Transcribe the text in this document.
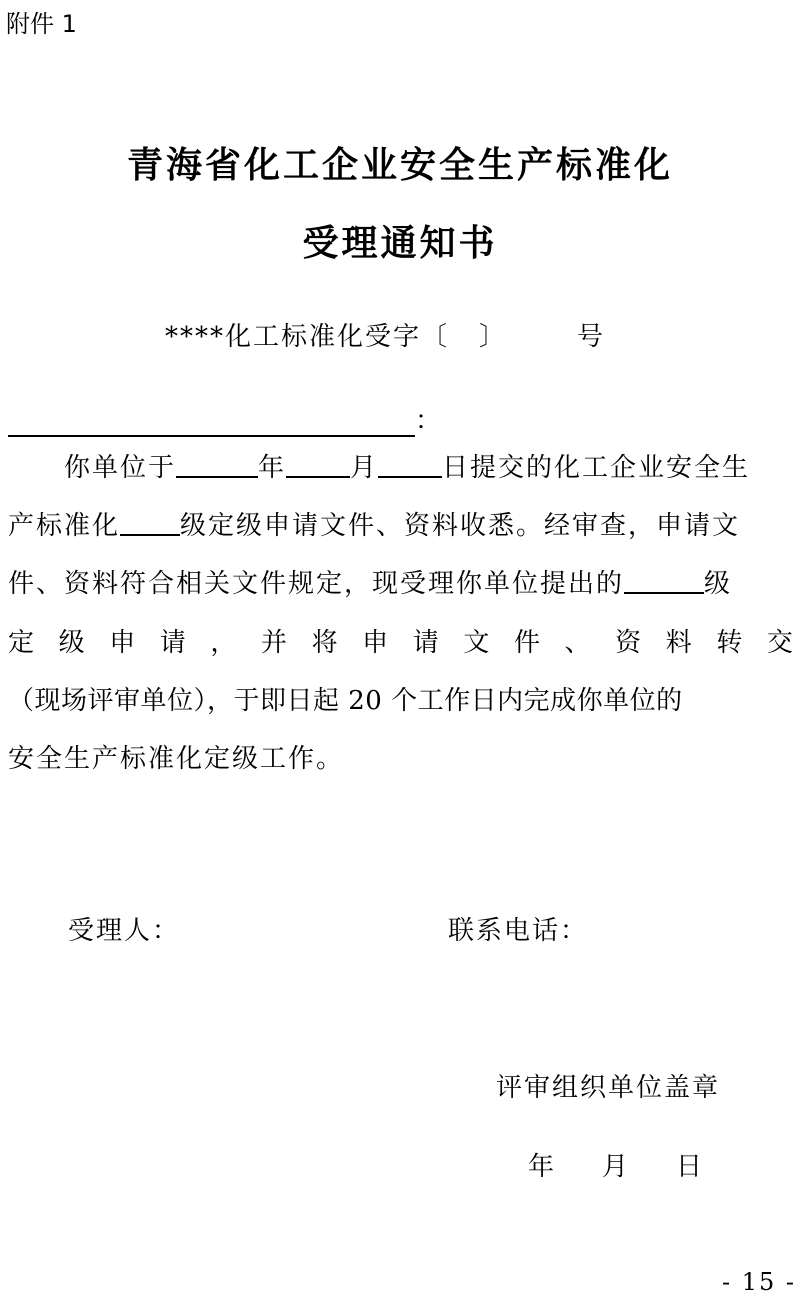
附件 1
青海省化工企业安全生产标准化
受理通知书
****化工标准化受字〔 〕	号
：
你单位于	年 月 日提交的化工企业安全生
产标准化 级定级申请文件、资料收悉。经审查，申请文
件、资料符合相关文件规定，现受理你单位提出的	级
定 级 申 请 ， 并 将 申 请 文 件 、 资 料 转 交
（现场评审单位），于即日起 20 个工作日内完成你单位的
安全生产标准化定级工作。
受理人：	联系电话：
评审组织单位盖章
年 月 日
- 15 -
